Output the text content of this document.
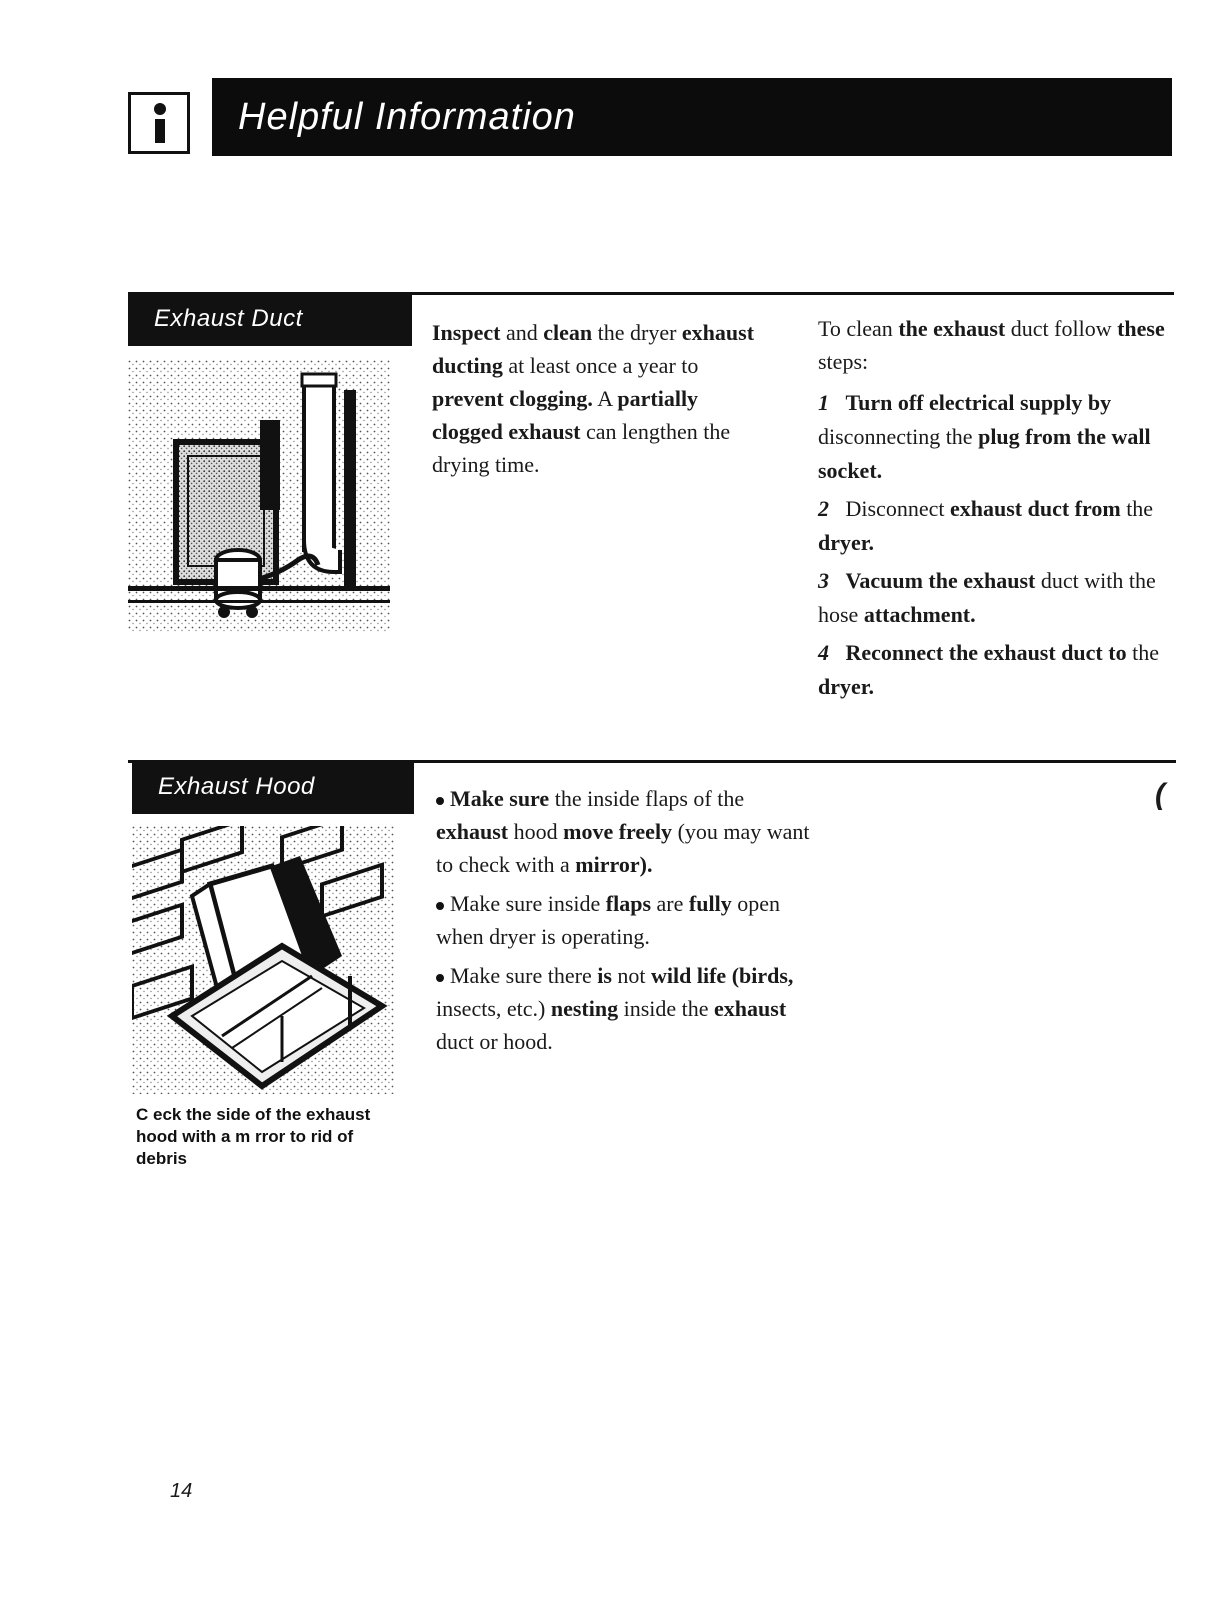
Helpful Information
Exhaust Duct
Inspect and clean the dryer exhaust ducting at least once a year to prevent clogging. A partially clogged exhaust can lengthen the drying time.
To clean the exhaust duct follow these steps:
1 Turn off electrical supply by disconnecting the plug from the wall socket.
2 Disconnect exhaust duct from the dryer.
3 Vacuum the exhaust duct with the hose attachment.
4 Reconnect the exhaust duct to the dryer.
Exhaust Hood
C eck the side of the exhaust hood with a m rror to rid of debris
Make sure the inside flaps of the exhaust hood move freely (you may want to check with a mirror).
Make sure inside flaps are fully open when dryer is operating.
Make sure there is not wild life (birds, insects, etc.) nesting inside the exhaust duct or hood.
(
14
